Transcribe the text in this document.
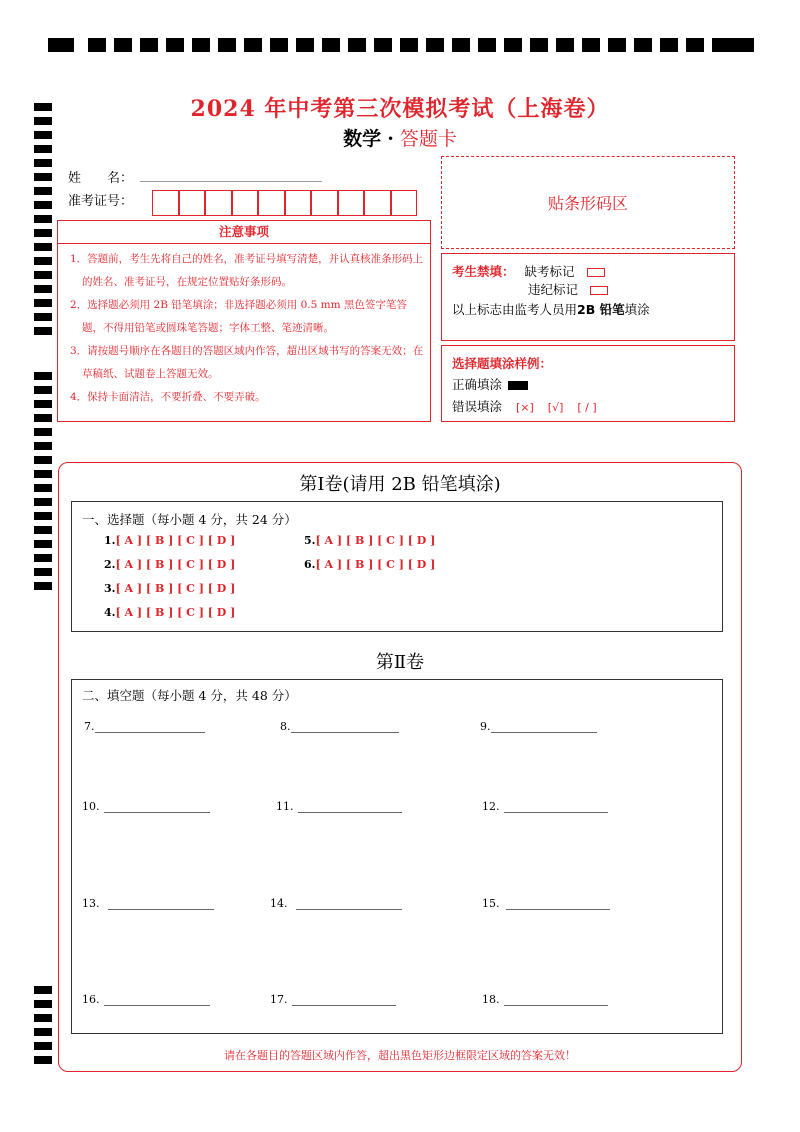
2024 年中考第三次模拟考试（上海卷）
数学 · 答题卡
姓　　名：
准考证号：	贴条形码区
注意事项

1．答题前，考生先将自己的姓名，准考证号填写清楚，并认真核准条形码上的姓名、准考证号，在规定位置贴好条形码。

2．选择题必须用 2B 铅笔填涂；非选择题必须用 0.5 mm 黑色签字笔答题，不得用铅笔或圆珠笔答题；字体工整、笔迹清晰。

3．请按题号顺序在各题目的答题区域内作答，超出区域书写的答案无效；在草稿纸、试题卷上答题无效。

4．保持卡面清洁，不要折叠、不要弄破。

考生禁填： 缺考标记
违纪标记
以上标志由监考人员用2B 铅笔填涂
选择题填涂样例：
正确填涂
错误填涂 [×] [√] [ / ]
第Ⅰ卷(请用 2B 铅笔填涂)
一、选择题（每小题 4 分，共 24 分）
1.[ A ] [ B ] [ C ] [ D ]
2.[ A ] [ B ] [ C ] [ D ]
3.[ A ] [ B ] [ C ] [ D ]
4.[ A ] [ B ] [ C ] [ D ]
5.[ A ] [ B ] [ C ] [ D ]
6.[ A ] [ B ] [ C ] [ D ]
第Ⅱ卷
二、填空题（每小题 4 分，共 48 分）
7.	8.	9.
10.	11.	12.
13.	14.	15.
16.	17.	18.
请在各题目的答题区域内作答，超出黑色矩形边框限定区域的答案无效！
